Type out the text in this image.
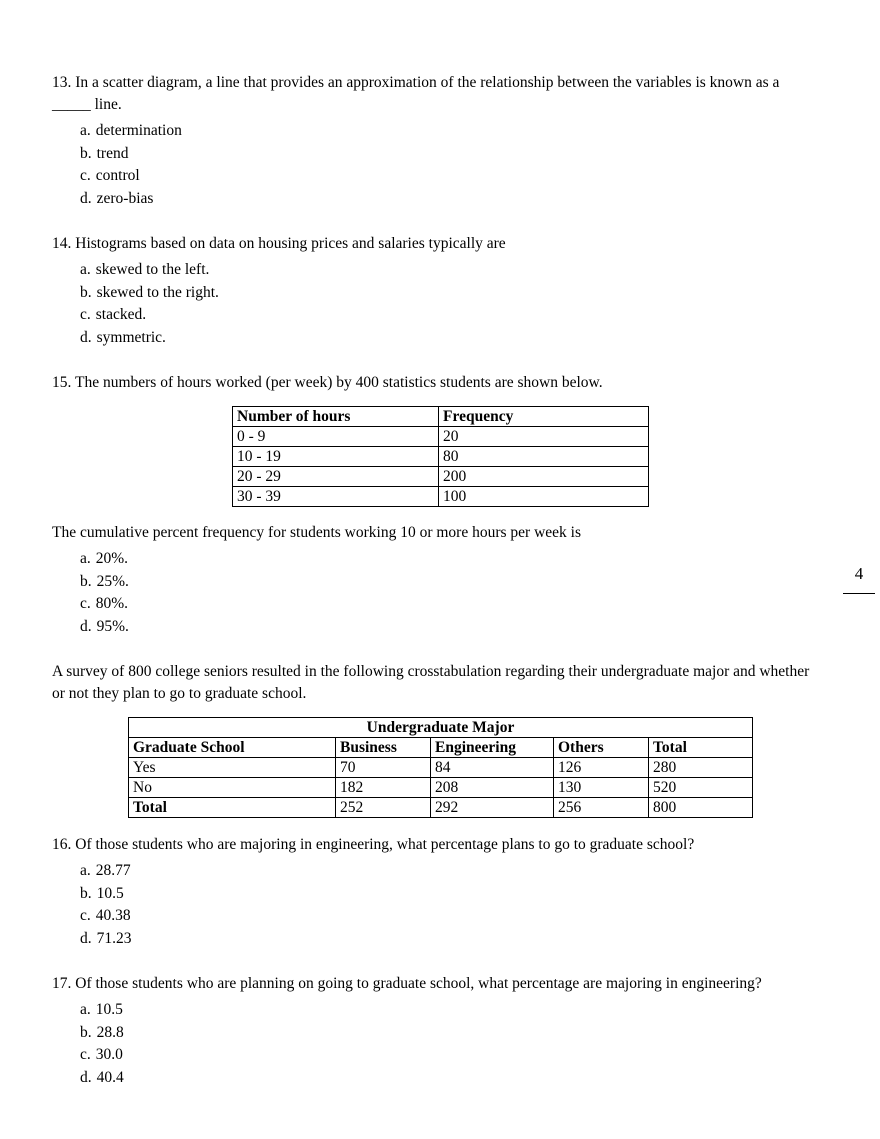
13. In a scatter diagram, a line that provides an approximation of the relationship between the variables is known as a
_____ line.

a. determination
b. trend
c. control
d. zero-bias

14. Histograms based on data on housing prices and salaries typically are

a. skewed to the left.
b. skewed to the right.
c. stacked.
d. symmetric.

15. The numbers of hours worked (per week) by 400 statistics students are shown below.

Number of hours	Frequency
0 - 9	20
10 - 19	80
20 - 29	200
30 - 39	100

The cumulative percent frequency for students working 10 or more hours per week is

a. 20%.
b. 25%.
c. 80%.
d. 95%.

A survey of 800 college seniors resulted in the following crosstabulation regarding their undergraduate major and whether
or not they plan to go to graduate school.

Undergraduate Major				
Graduate School	Business	Engineering	Others	Total
Yes	70	84	126	280
No	182	208	130	520
Total	252	292	256	800

16. Of those students who are majoring in engineering, what percentage plans to go to graduate school?

a. 28.77
b. 10.5
c. 40.38
d. 71.23

17. Of those students who are planning on going to graduate school, what percentage are majoring in engineering?

a. 10.5
b. 28.8
c. 30.0
d. 40.4
4
